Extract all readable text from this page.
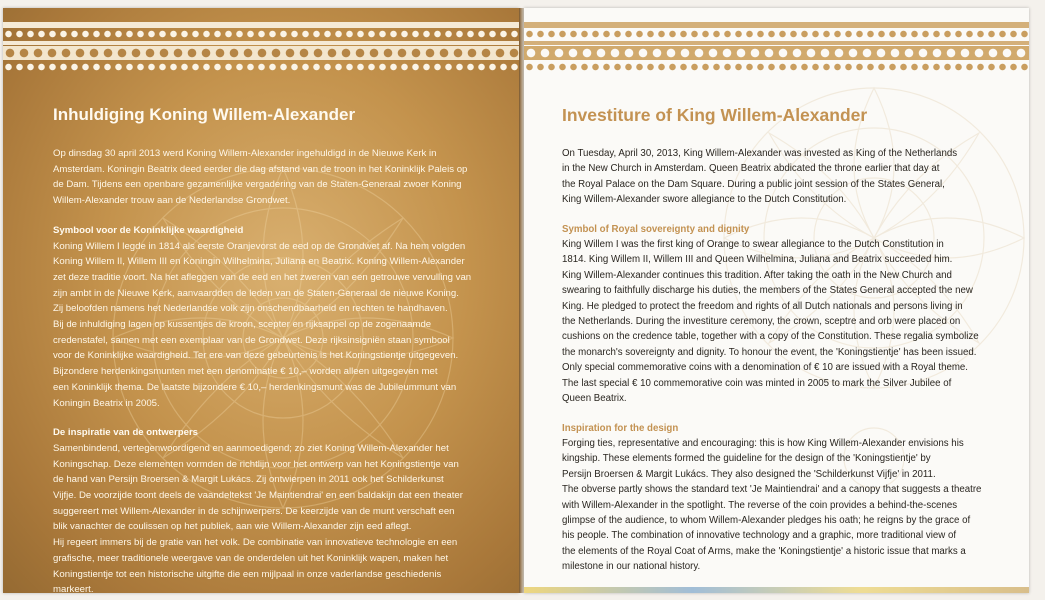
Inhuldiging Koning Willem-Alexander

Op dinsdag 30 april 2013 werd Koning Willem-Alexander ingehuldigd in de Nieuwe Kerk in
Amsterdam. Koningin Beatrix deed eerder die dag afstand van de troon in het Koninklijk Paleis op
de Dam. Tijdens een openbare gezamenlijke vergadering van de Staten-Generaal zwoer Koning
Willem-Alexander trouw aan de Nederlandse Grondwet.

Symbool voor de Koninklijke waardigheid

Koning Willem I legde in 1814 als eerste Oranjevorst de eed op de Grondwet af. Na hem volgden
Koning Willem II, Willem III en Koningin Wilhelmina, Juliana en Beatrix. Koning Willem-Alexander
zet deze traditie voort. Na het afleggen van de eed en het zweren van een getrouwe vervulling van
zijn ambt in de Nieuwe Kerk, aanvaardden de leden van de Staten-Generaal de nieuwe Koning.
Zij beloofden namens het Nederlandse volk zijn onschendbaarheid en rechten te handhaven.
Bij de inhuldiging lagen op kussentjes de kroon, scepter en rijksappel op de zogenaamde
credenstafel, samen met een exemplaar van de Grondwet. Deze rijksinsigniën staan symbool
voor de Koninklijke waardigheid. Ter ere van deze gebeurtenis is het Koningstientje uitgegeven.
Bijzondere herdenkingsmunten met een denominatie € 10,– worden alleen uitgegeven met
een Koninklijk thema. De laatste bijzondere € 10,– herdenkingsmunt was de Jubileummunt van
Koningin Beatrix in 2005.

De inspiratie van de ontwerpers

Samenbindend, vertegenwoordigend en aanmoedigend; zo ziet Koning Willem-Alexander het
Koningschap. Deze elementen vormden de richtlijn voor het ontwerp van het Koningstientje van
de hand van Persijn Broersen & Margit Lukács. Zij ontwierpen in 2011 ook het Schilderkunst
Vijfje. De voorzijde toont deels de vaandeltekst 'Je Maintiendrai' en een baldakijn dat een theater
suggereert met Willem-Alexander in de schijnwerpers. De keerzijde van de munt verschaft een
blik vanachter de coulissen op het publiek, aan wie Willem-Alexander zijn eed aflegt.
Hij regeert immers bij de gratie van het volk. De combinatie van innovatieve technologie en een
grafische, meer traditionele weergave van de onderdelen uit het Koninklijk wapen, maken het
Koningstientje tot een historische uitgifte die een mijlpaal in onze vaderlandse geschiedenis
markeert.

Investiture of King Willem-Alexander

On Tuesday, April 30, 2013, King Willem-Alexander was invested as King of the Netherlands
in the New Church in Amsterdam. Queen Beatrix abdicated the throne earlier that day at
the Royal Palace on the Dam Square. During a public joint session of the States General,
King Willem-Alexander swore allegiance to the Dutch Constitution.

Symbol of Royal sovereignty and dignity

King Willem I was the first king of Orange to swear allegiance to the Dutch Constitution in
1814. King Willem II, Willem III and Queen Wilhelmina, Juliana and Beatrix succeeded him.
King Willem-Alexander continues this tradition. After taking the oath in the New Church and
swearing to faithfully discharge his duties, the members of the States General accepted the new
King. He pledged to protect the freedom and rights of all Dutch nationals and persons living in
the Netherlands. During the investiture ceremony, the crown, sceptre and orb were placed on
cushions on the credence table, together with a copy of the Constitution. These regalia symbolize
the monarch's sovereignty and dignity. To honour the event, the 'Koningstientje' has been issued.
Only special commemorative coins with a denomination of € 10 are issued with a Royal theme.
The last special € 10 commemorative coin was minted in 2005 to mark the Silver Jubilee of
Queen Beatrix.

Inspiration for the design

Forging ties, representative and encouraging: this is how King Willem-Alexander envisions his
kingship. These elements formed the guideline for the design of the 'Koningstientje' by
Persijn Broersen & Margit Lukács. They also designed the 'Schilderkunst Vijfje' in 2011.
The obverse partly shows the standard text 'Je Maintiendrai' and a canopy that suggests a theatre
with Willem-Alexander in the spotlight. The reverse of the coin provides a behind-the-scenes
glimpse of the audience, to whom Willem-Alexander pledges his oath; he reigns by the grace of
his people. The combination of innovative technology and a graphic, more traditional view of
the elements of the Royal Coat of Arms, make the 'Koningstientje' a historic issue that marks a
milestone in our national history.
